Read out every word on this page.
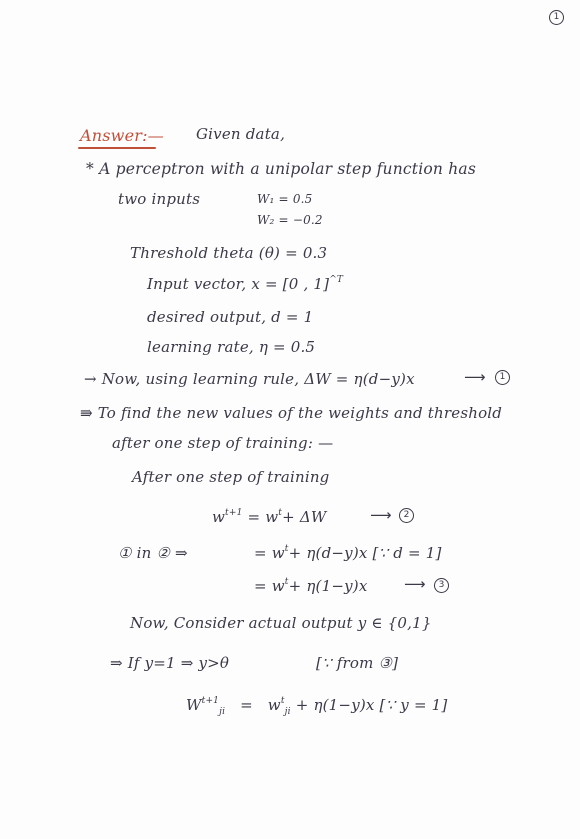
1
Answer:— Given data,
* A perceptron with a unipolar step function has
two inputs	W₁ = 0.5
W₂ = −0.2
Threshold theta (θ) = 0.3
Input vector, x = [0 , 1]$^{\^{}T}$
desired output, d = 1
learning rate, η = 0.5
→ Now, using learning rule, ΔW = η(d−y)x	⟶	1
⇛ To find the new values of the weights and threshold
after one step of training: —
After one step of training
$w^{t+1} = w^t+ \Delta W$	⟶	2
① in ② ⇒	= $w^t+ \eta(d-y)x$ [∵ d = 1]
= $w^t+ \eta(1-y)x$ ⟶	3
Now, Consider actual output y ∈ {0,1}
⇒ If y=1 ⇒ y>θ	[∵ from ③]
$W^{t+1}_{ji} = w^t_{ji} + \eta(1-y)x$ [∵ y = 1]
